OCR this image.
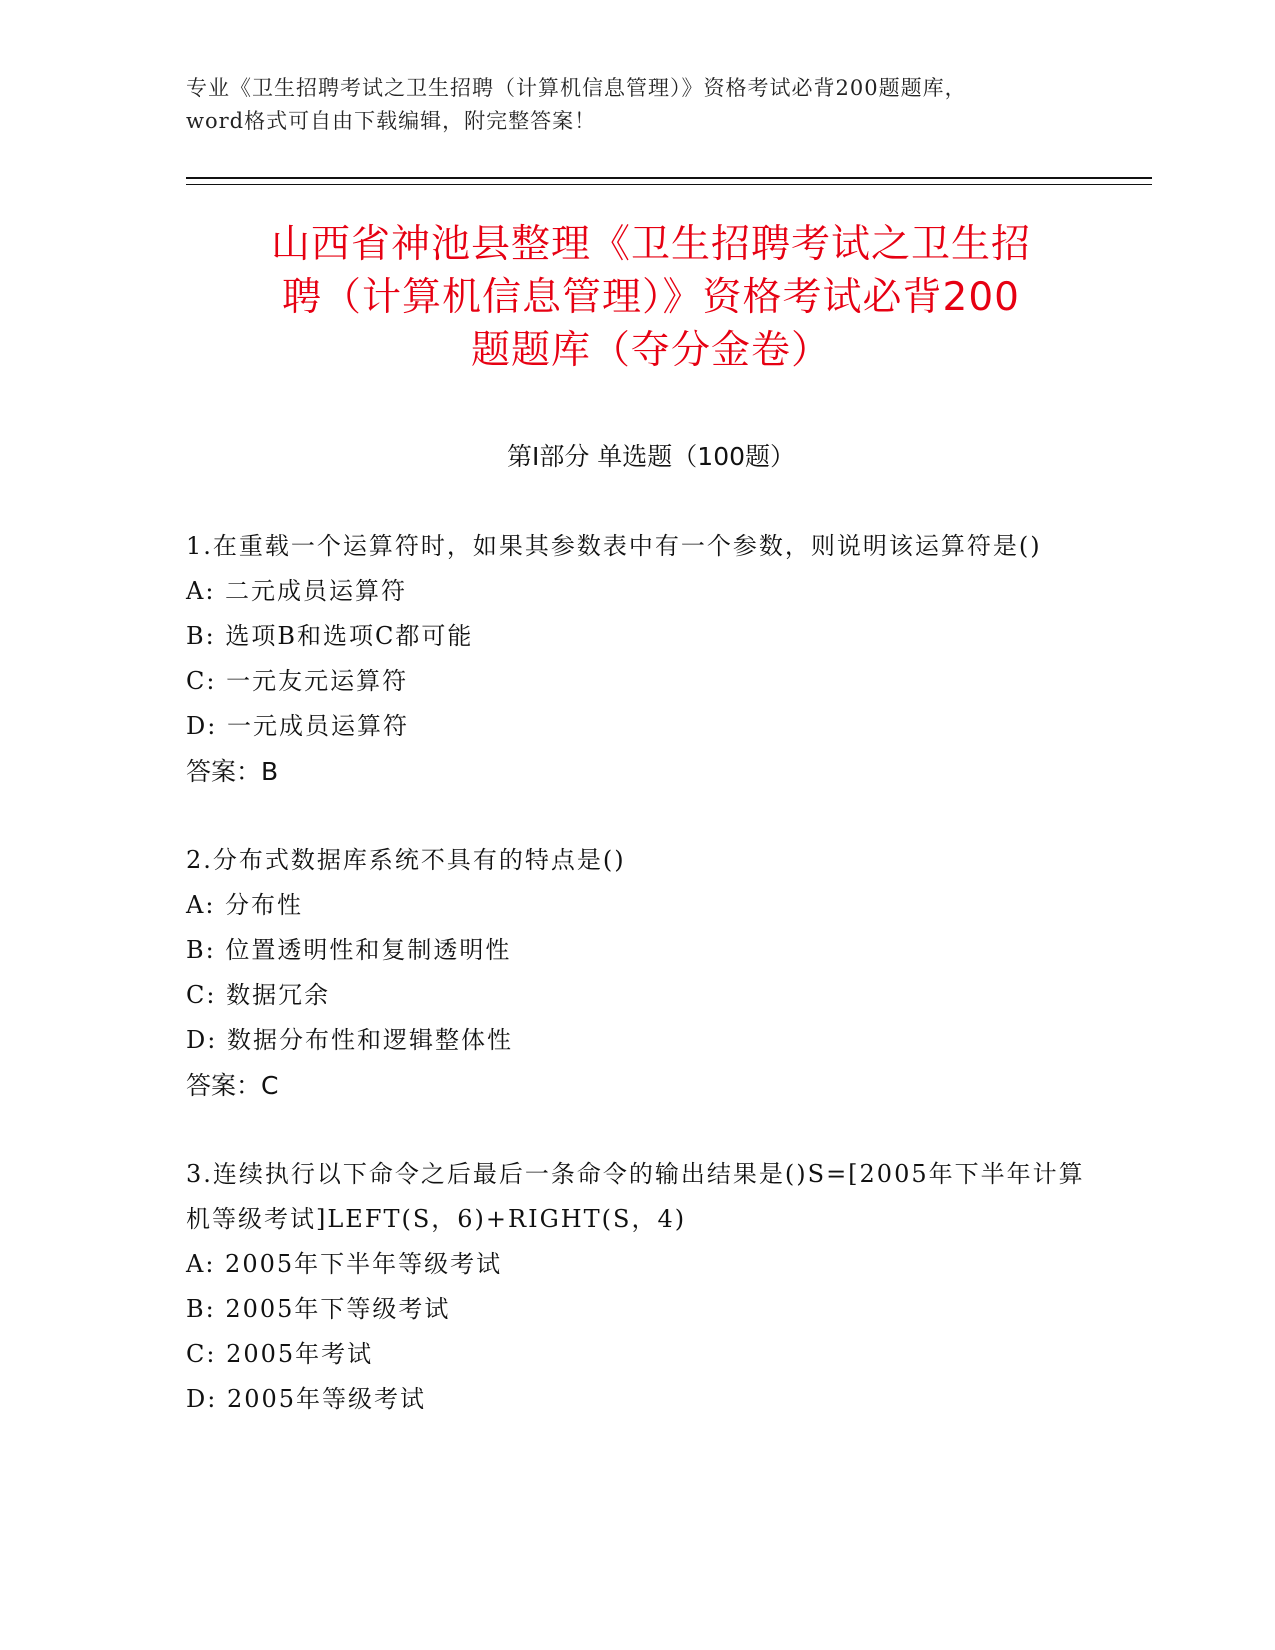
专业《卫生招聘考试之卫生招聘（计算机信息管理）》资格考试必背200题题库，
word格式可自由下载编辑，附完整答案！
山西省神池县整理《卫生招聘考试之卫生招
聘（计算机信息管理）》资格考试必背200
题题库（夺分金卷）
第Ⅰ部分 单选题（100题）
1.在重载一个运算符时，如果其参数表中有一个参数，则说明该运算符是()
A: 二元成员运算符
B: 选项B和选项C都可能
C: 一元友元运算符
D: 一元成员运算符
答案：B
2.分布式数据库系统不具有的特点是()
A: 分布性
B: 位置透明性和复制透明性
C: 数据冗余
D: 数据分布性和逻辑整体性
答案：C
3.连续执行以下命令之后最后一条命令的输出结果是()S=[2005年下半年计算机等级考试]LEFT(S，6)+RIGHT(S，4)
A: 2005年下半年等级考试
B: 2005年下等级考试
C: 2005年考试
D: 2005年等级考试
